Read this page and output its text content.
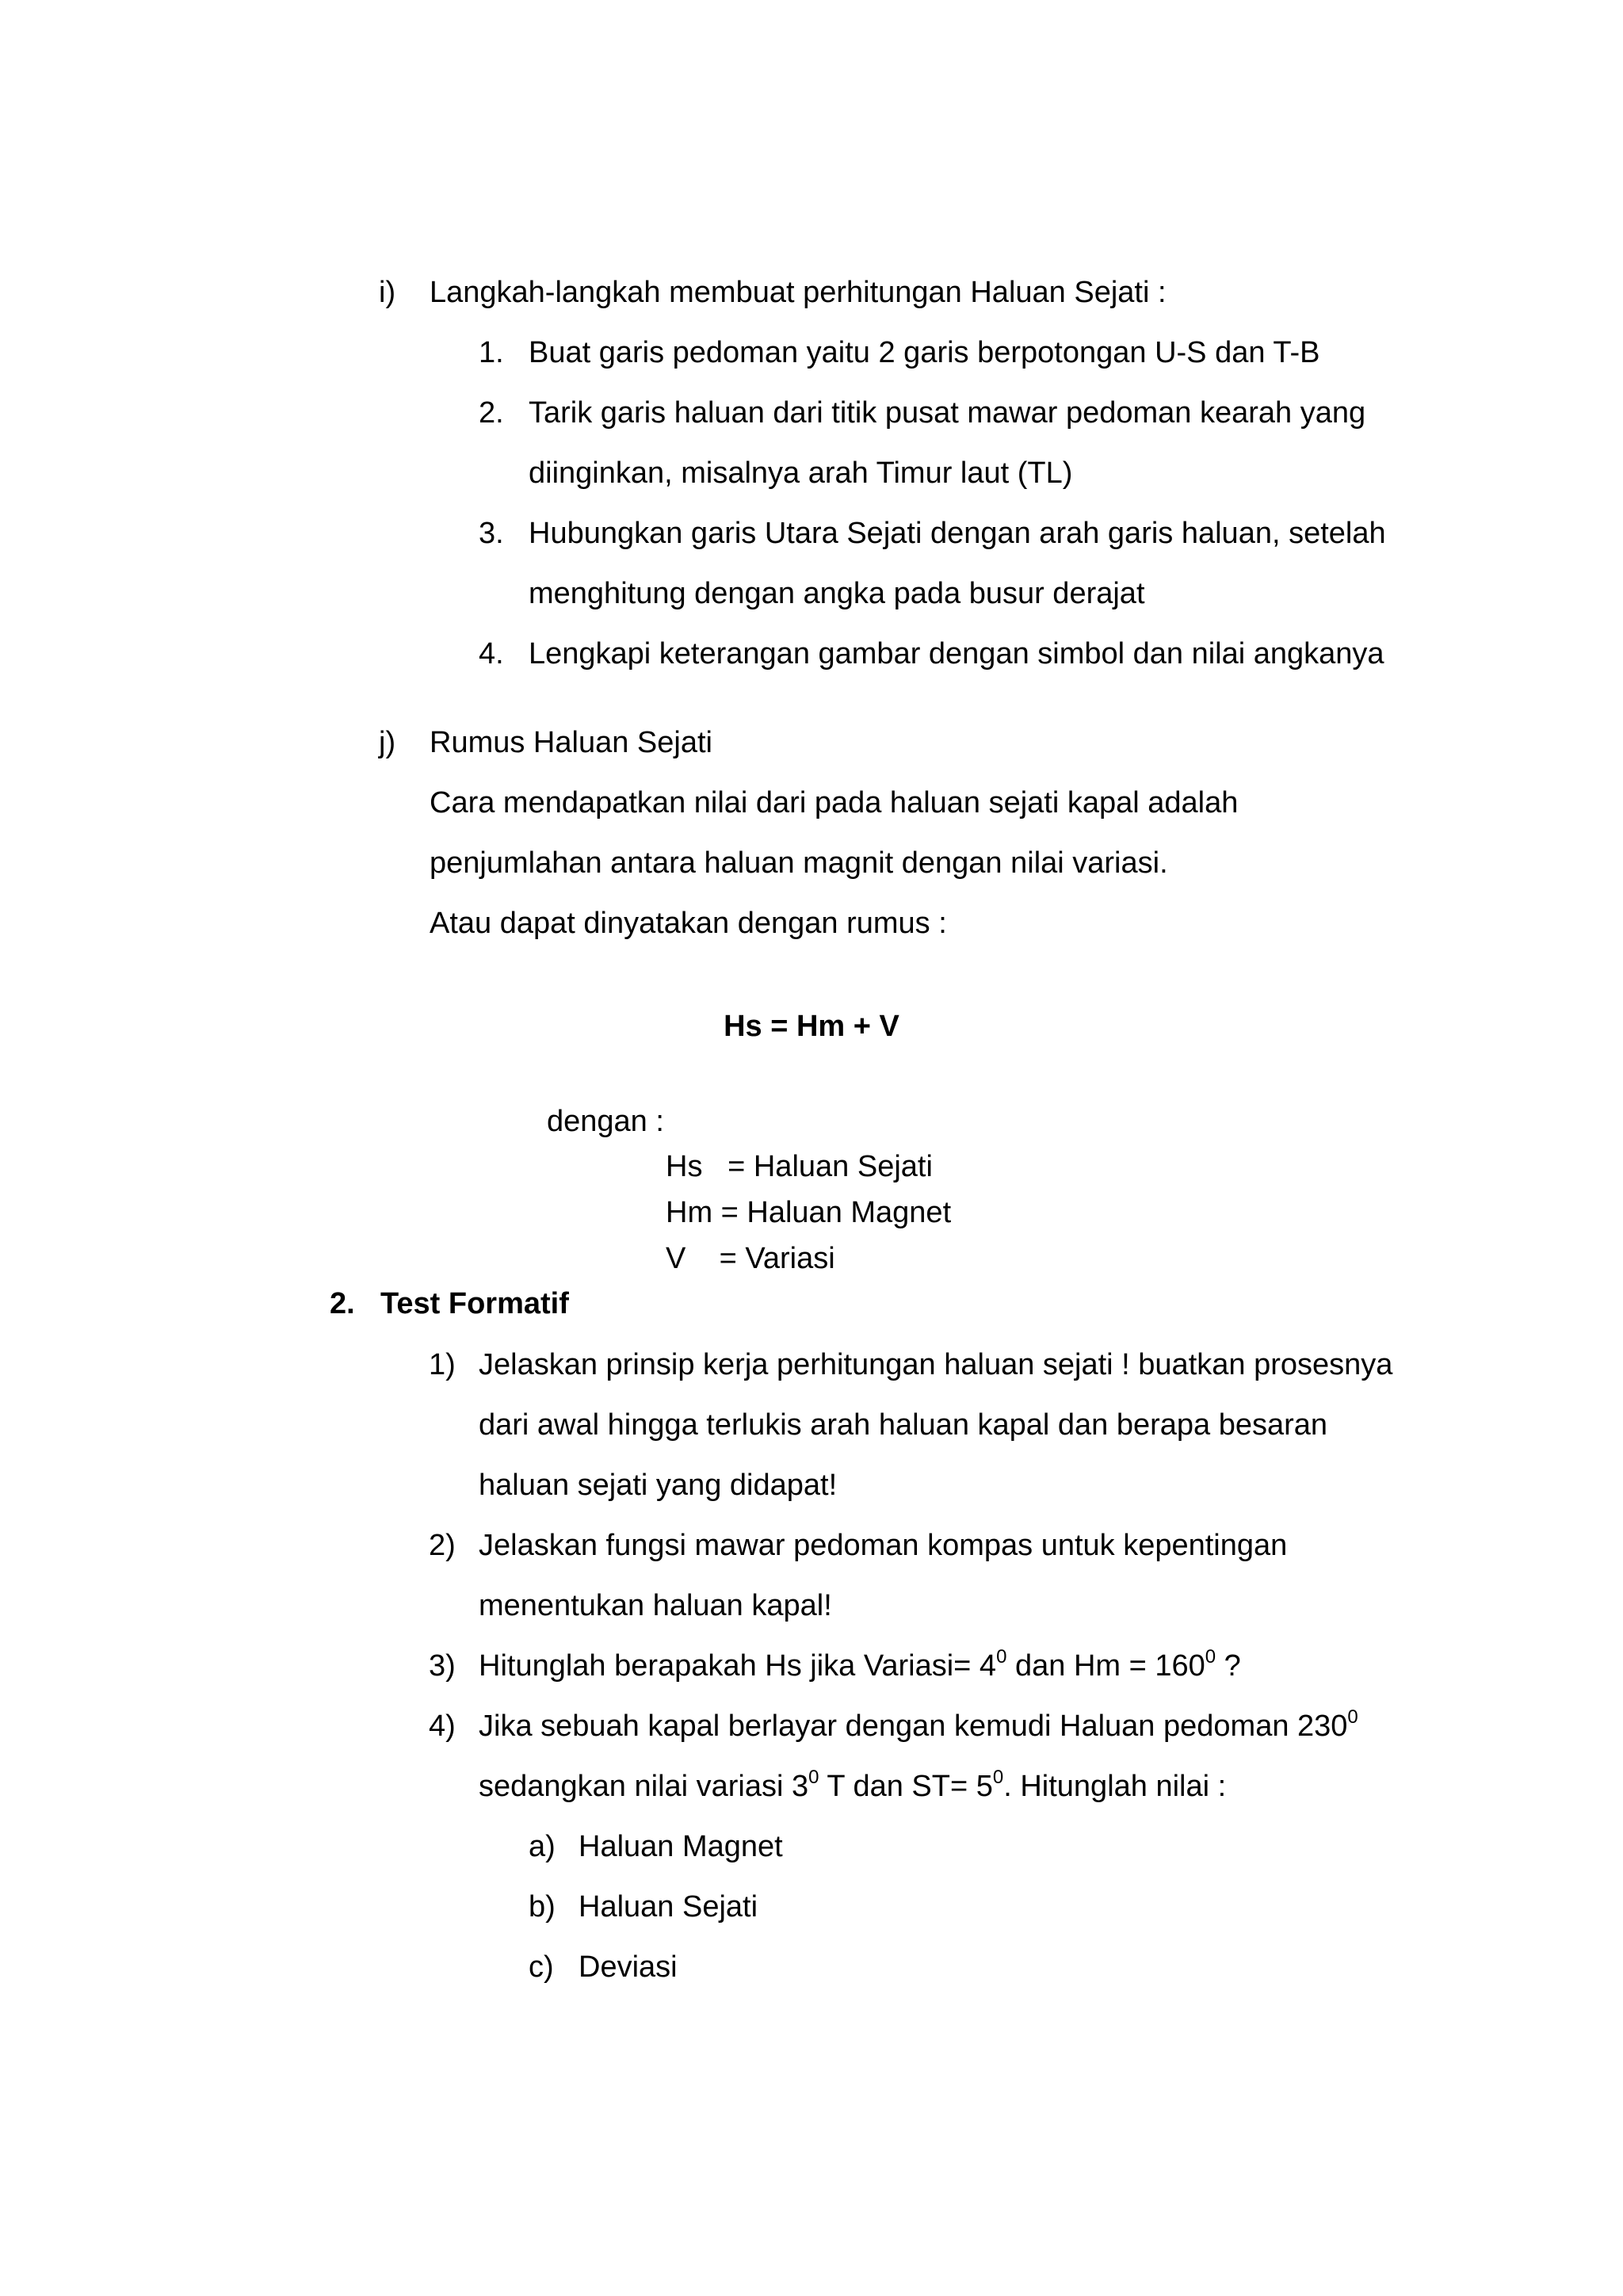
i) Langkah-langkah membuat perhitungan Haluan Sejati :
1. Buat garis pedoman yaitu 2 garis berpotongan U-S dan T-B
2. Tarik garis haluan dari titik pusat mawar pedoman kearah yang
diinginkan, misalnya arah Timur laut (TL)
3. Hubungkan garis Utara Sejati dengan arah garis haluan, setelah
menghitung dengan angka pada busur derajat
4. Lengkapi keterangan gambar dengan simbol dan nilai angkanya
j) Rumus Haluan Sejati
Cara mendapatkan nilai dari pada haluan sejati kapal adalah
penjumlahan antara haluan magnit dengan nilai variasi.
Atau dapat dinyatakan dengan rumus :
Hs = Hm + V
dengan :
Hs   = Haluan Sejati
Hm = Haluan Magnet
V    = Variasi
2. Test Formatif
1) Jelaskan prinsip kerja perhitungan haluan sejati ! buatkan prosesnya
dari awal hingga terlukis arah haluan kapal dan berapa besaran
haluan sejati yang didapat!
2) Jelaskan fungsi mawar pedoman kompas untuk kepentingan
menentukan haluan kapal!
3) Hitunglah berapakah Hs jika Variasi= $4^0$ dan $Hm = 160^0$ ?
4) Jika sebuah kapal berlayar dengan kemudi Haluan pedoman $230^0$
sedangkan nilai variasi $3^0$ T dan $ST= 5^0$. Hitunglah nilai :
a) Haluan Magnet
b) Haluan Sejati
c) Deviasi
